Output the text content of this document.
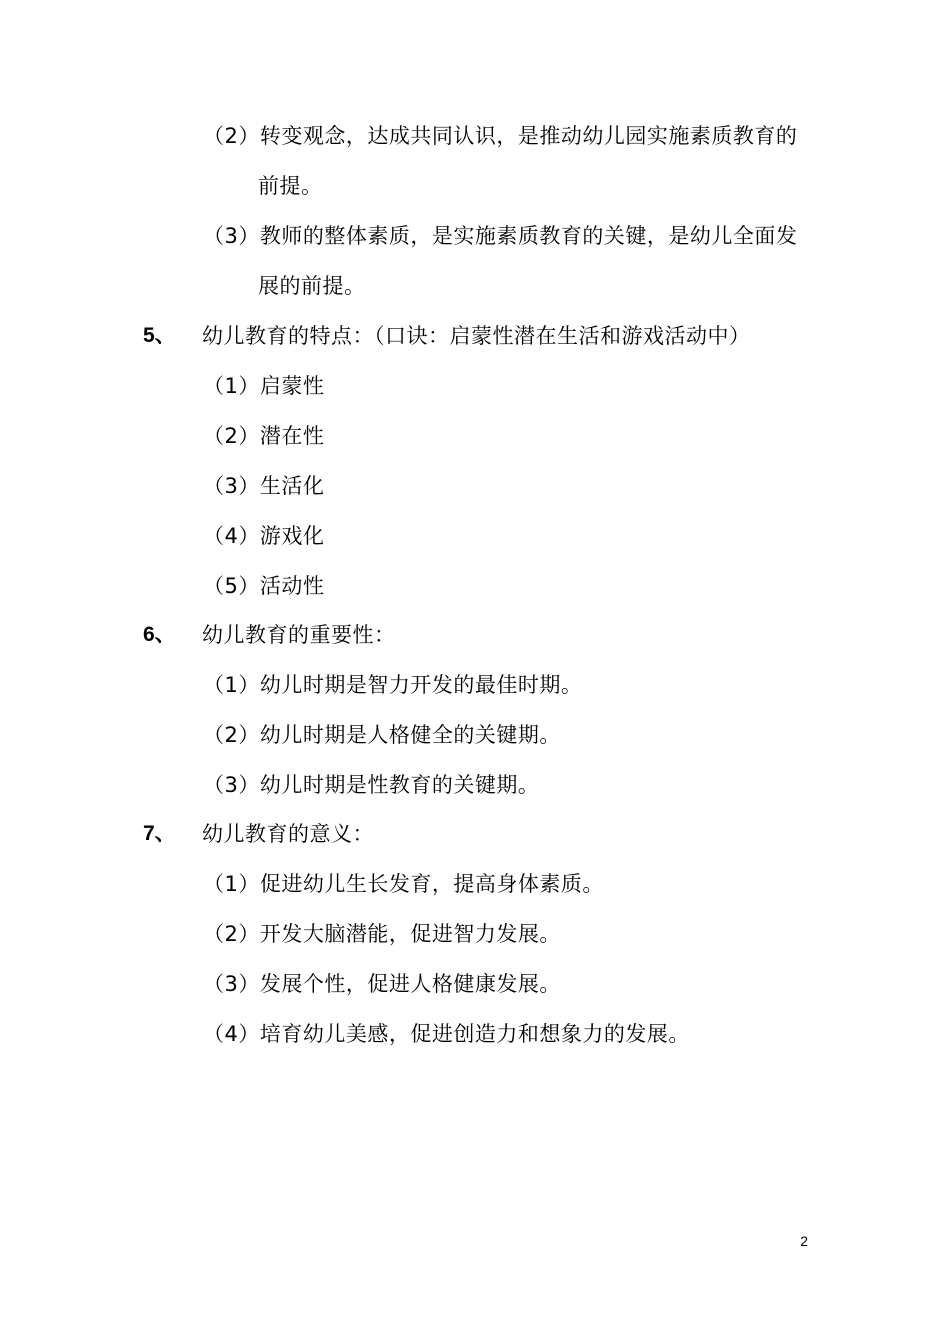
（2）转变观念，达成共同认识，是推动幼儿园实施素质教育的
前提。
（3）教师的整体素质，是实施素质教育的关键，是幼儿全面发
展的前提。
5、 幼儿教育的特点：（口诀：启蒙性潜在生活和游戏活动中）
（1）启蒙性
（2）潜在性
（3）生活化
（4）游戏化
（5）活动性
6、 幼儿教育的重要性：
（1）幼儿时期是智力开发的最佳时期。
（2）幼儿时期是人格健全的关键期。
（3）幼儿时期是性教育的关键期。
7、 幼儿教育的意义：
（1）促进幼儿生长发育，提高身体素质。
（2）开发大脑潜能，促进智力发展。
（3）发展个性，促进人格健康发展。
（4）培育幼儿美感，促进创造力和想象力的发展。
2
